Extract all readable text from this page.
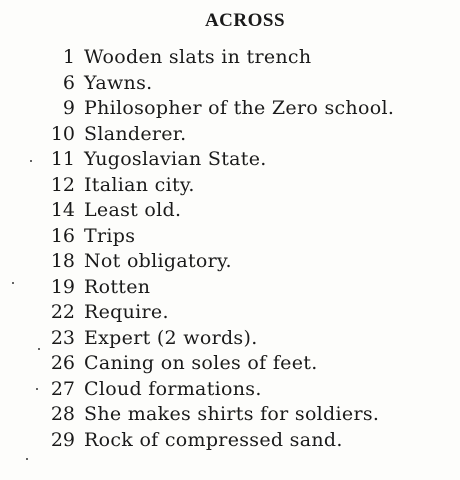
ACROSS
1 Wooden slats in trench
6 Yawns.
9 Philosopher of the Zero school.
10 Slanderer.
11 Yugoslavian State.
12 Italian city.
14 Least old.
16 Trips
18 Not obligatory.
19 Rotten
22 Require.
23 Expert (2 words).
26 Caning on soles of feet.
27 Cloud formations.
28 She makes shirts for soldiers.
29 Rock of compressed sand.
